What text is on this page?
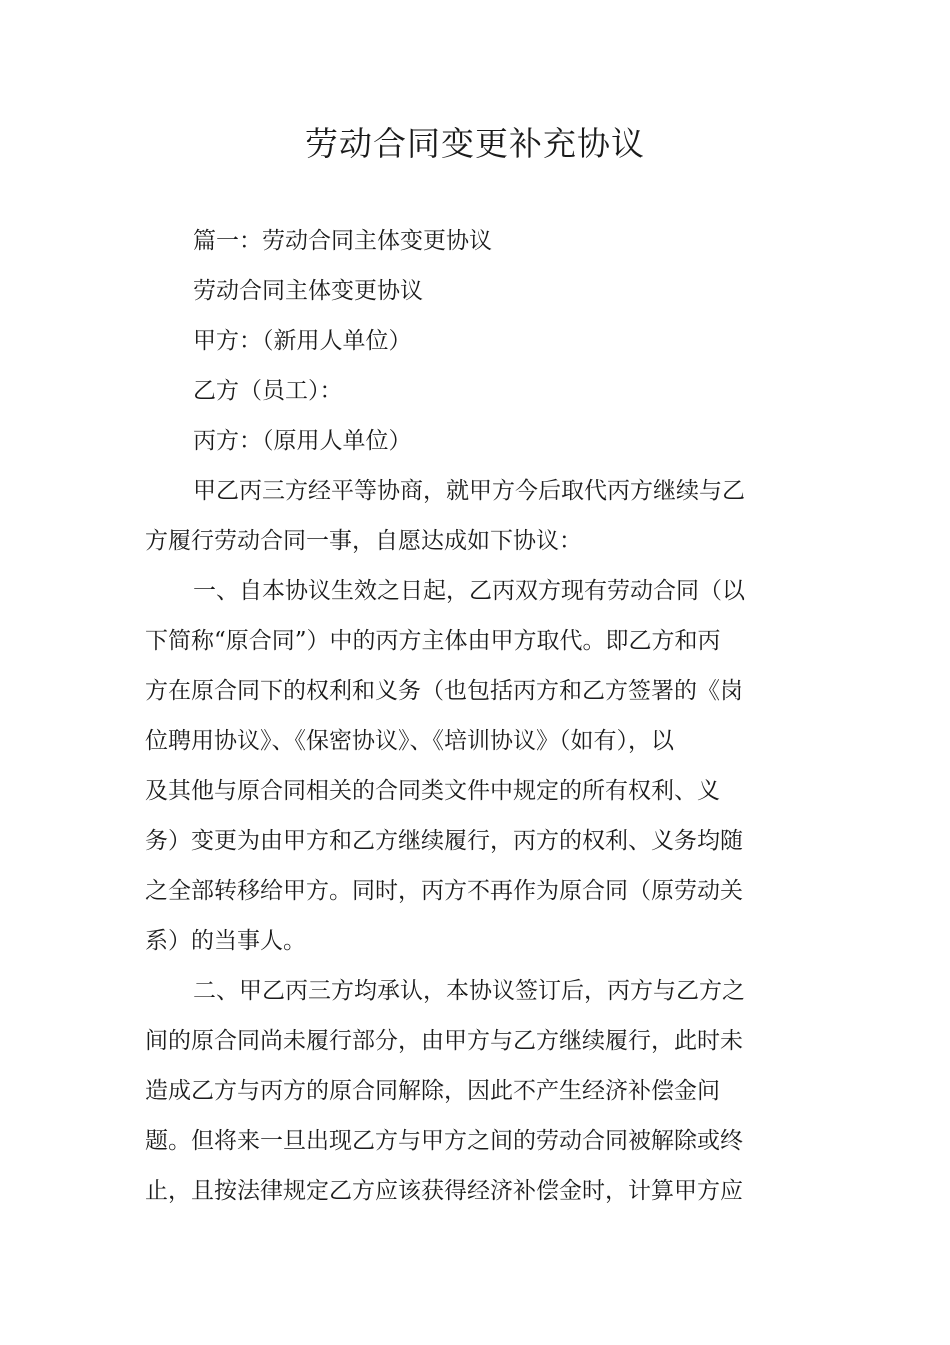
劳动合同变更补充协议
篇一：劳动合同主体变更协议
劳动合同主体变更协议
甲方：（新用人单位）
乙方（员工）：
丙方：（原用人单位）
甲乙丙三方经平等协商，就甲方今后取代丙方继续与乙
方履行劳动合同一事，自愿达成如下协议：
一、自本协议生效之日起，乙丙双方现有劳动合同（以
下简称“原合同”）中的丙方主体由甲方取代。即乙方和丙
方在原合同下的权利和义务（也包括丙方和乙方签署的《岗
位聘用协议》、《保密协议》、《培训协议》（如有），以
及其他与原合同相关的合同类文件中规定的所有权利、义
务）变更为由甲方和乙方继续履行，丙方的权利、义务均随
之全部转移给甲方。同时，丙方不再作为原合同（原劳动关
系）的当事人。
二、甲乙丙三方均承认，本协议签订后，丙方与乙方之
间的原合同尚未履行部分，由甲方与乙方继续履行，此时未
造成乙方与丙方的原合同解除，因此不产生经济补偿金问
题。但将来一旦出现乙方与甲方之间的劳动合同被解除或终
止，且按法律规定乙方应该获得经济补偿金时，计算甲方应
